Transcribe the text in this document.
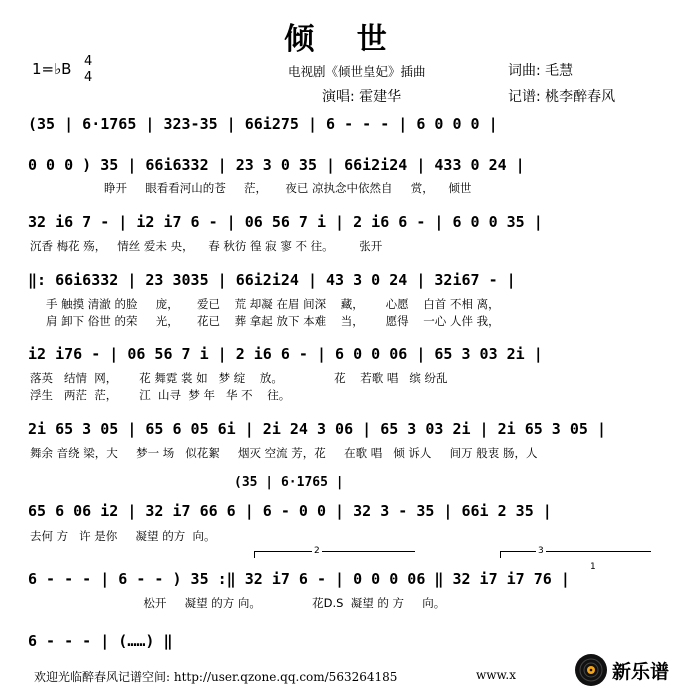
倾 世
1=♭B 4
4	电视剧《倾世皇妃》插曲	词曲: 毛慧
演唱: 霍建华	记谱: 桃李醉春风
(35 | 6·1765 | 323-35 | 66i275 | 6 - - - | 6 0 0 0 |
0 0 0 ) 35 | 66i6332 | 23 3 0 35 | 66i2i24 | 433 0 24 |
睁开     眼看看河山的苍     茫，     夜已 凉执念中依然自     赏，    倾世
32 i6 7 - | i2 i7 6 - | 06 56 7 i | 2 i6 6 - | 6 0 0 35 |
沉香 梅花 殇，   情丝 爱未 央，    春 秋彷 徨 寂 寥 不 往。       张开
‖: 66i6332 | 23 3035 | 66i2i24 | 43 3 0 24 | 32i67 - |
手 触摸 清澈 的脸     庞，     爱已    荒 却凝 在眉 间深    藏，      心愿    白首 不相 离，
肩 卸下 俗世 的荣     光，     花已    葬 拿起 放下 本难    当，      愿得    一心 人伴 我，
i2 i76 - | 06 56 7 i | 2 i6 6 - | 6 0 0 06 | 65 3 03 2i |
落英   结情  网，      花 舞霓 裳 如   梦 绽    放。              花    若歌 唱   缤 纷乱
浮生   两茫  茫，      江  山寻  梦 年   华 不    往。
2i 65 3 05 | 65 6 05 6i | 2i 24 3 06 | 65 3 03 2i | 2i 65 3 05 |
舞余 音绕 梁，大     梦一 场   似花絮     烟灭 空流 芳，花     在歌 唱   倾 诉人     间万 般衷 肠，人
(35 | 6·1765 |
65 6 06 i2 | 32 i7 66 6 | 6 - 0 0 | 32 3 - 35 | 66i 2 35 |
去何 方   许 是你     凝望 的方  向。
2	3
1
6 - - - | 6 - - ) 35 :‖ 32 i7 6 - | 0 0 0 06 ‖ 32 i7 i7 76 |
松开     凝望 的方 向。              花D.S  凝望 的 方     向。
6 - - - | (……) ‖
欢迎光临醉春风记谱空间: http://user.qzone.qq.com/563264185	www.x	新乐谱
